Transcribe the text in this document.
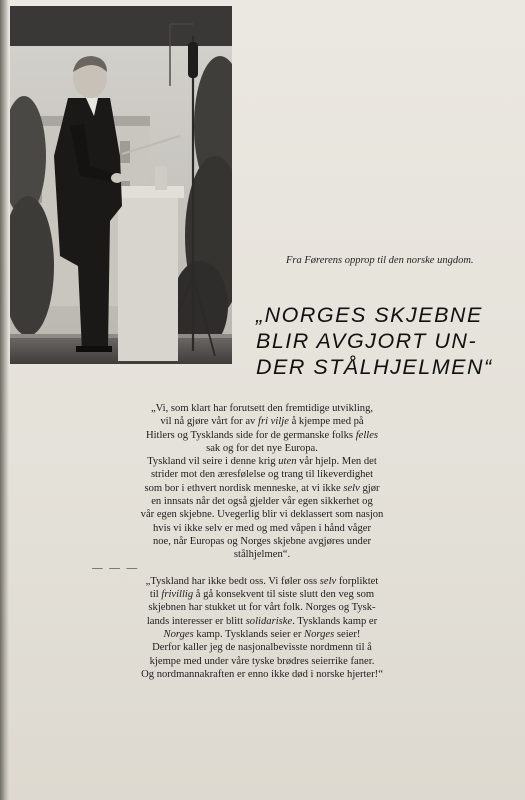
Fra Førerens opprop til den norske ungdom.

„NORGES SKJEBNE
BLIR AVGJORT UN-
DER STÅLHJELMEN“

„Vi, som klart har forutsett den fremtidige utvikling,
vil nå gjøre vårt for av fri vilje å kjempe med på
Hitlers og Tysklands side for de germanske folks felles
sak og for det nye Europa.

Tyskland vil seire i denne krig uten vår hjelp. Men det
strider mot den æresfølelse og trang til likeverdighet
som bor i ethvert nordisk menneske, at vi ikke selv gjør
en innsats når det også gjelder vår egen sikkerhet og
vår egen skjebne. Uvegerlig blir vi deklassert som nasjon
hvis vi ikke selv er med og med våpen i hånd våger
noe, når Europas og Norges skjebne avgjøres under
stålhjelmen“.

— — —

„Tyskland har ikke bedt oss. Vi føler oss selv forpliktet
til frivillig å gå konsekvent til siste slutt den veg som
skjebnen har stukket ut for vårt folk. Norges og Tysk-
lands interesser er blitt solidariske. Tysklands kamp er
Norges kamp. Tysklands seier er Norges seier!
Derfor kaller jeg de nasjonalbevisste nordmenn til å
kjempe med under våre tyske brødres seierrike faner.
Og nordmannakraften er enno ikke død i norske hjerter!“
